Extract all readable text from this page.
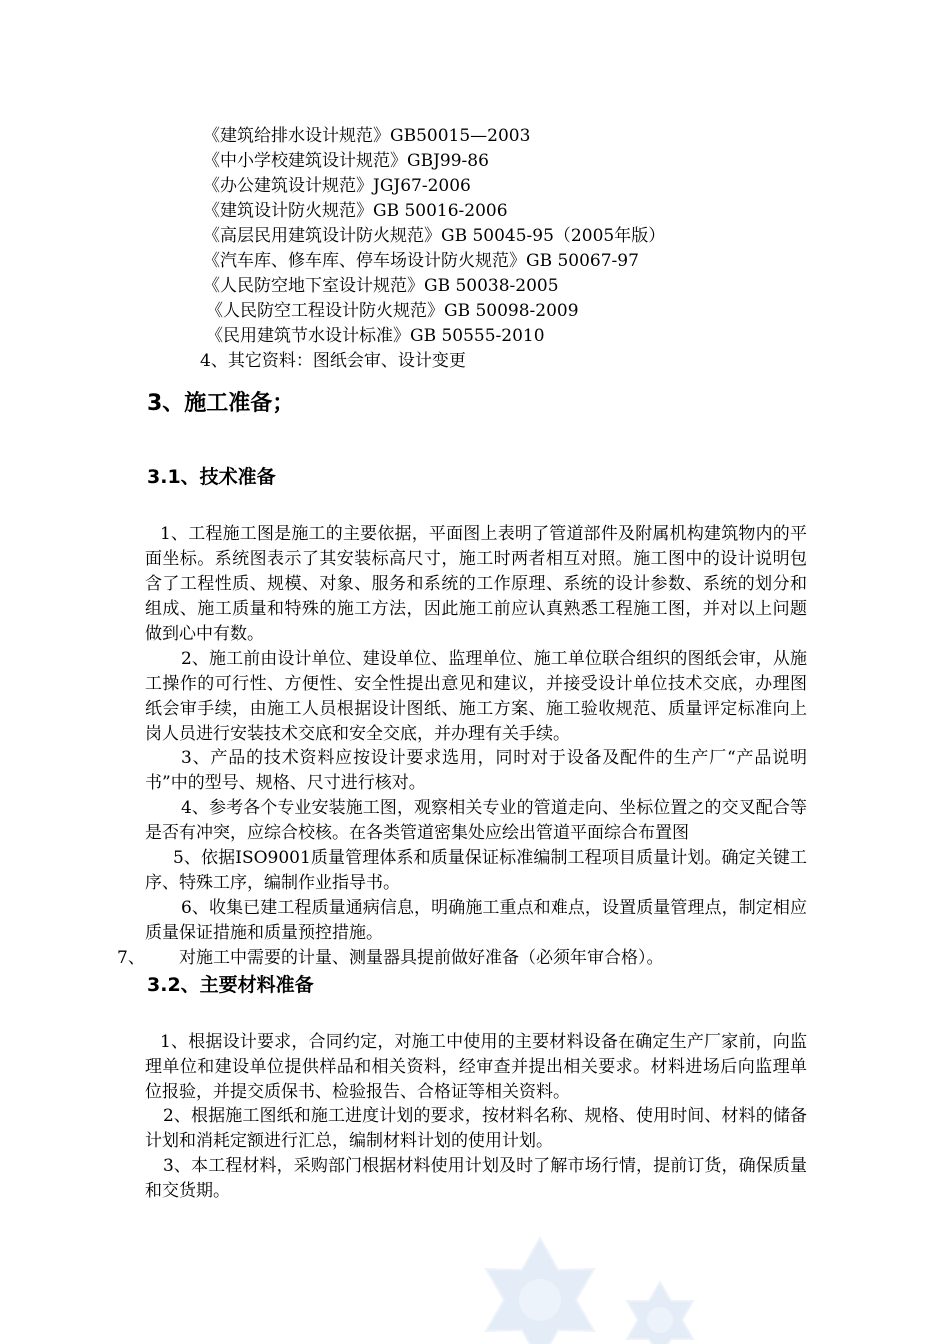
《建筑给排水设计规范》GB50015—2003
《中小学校建筑设计规范》GBJ99-86
《办公建筑设计规范》JGJ67-2006
《建筑设计防火规范》GB 50016-2006
《高层民用建筑设计防火规范》GB 50045-95（2005年版）
《汽车库、修车库、停车场设计防火规范》GB 50067-97
《人民防空地下室设计规范》GB 50038-2005
《人民防空工程设计防火规范》GB 50098-2009
《民用建筑节水设计标准》GB 50555-2010
4、其它资料：图纸会审、设计变更
3、施工准备；
3.1、技术准备
1、工程施工图是施工的主要依据，平面图上表明了管道部件及附属机构建筑物内的平面坐标。系统图表示了其安装标高尺寸，施工时两者相互对照。施工图中的设计说明包含了工程性质、规模、对象、服务和系统的工作原理、系统的设计参数、系统的划分和组成、施工质量和特殊的施工方法，因此施工前应认真熟悉工程施工图，并对以上问题做到心中有数。
2、施工前由设计单位、建设单位、监理单位、施工单位联合组织的图纸会审，从施工操作的可行性、方便性、安全性提出意见和建议，并接受设计单位技术交底，办理图纸会审手续，由施工人员根据设计图纸、施工方案、施工验收规范、质量评定标准向上岗人员进行安装技术交底和安全交底，并办理有关手续。
3、产品的技术资料应按设计要求选用，同时对于设备及配件的生产厂“产品说明书”中的型号、规格、尺寸进行核对。
4、参考各个专业安装施工图，观察相关专业的管道走向、坐标位置之的交叉配合等是否有冲突，应综合校核。在各类管道密集处应绘出管道平面综合布置图
5、依据ISO9001质量管理体系和质量保证标准编制工程项目质量计划。确定关键工序、特殊工序，编制作业指导书。
6、收集已建工程质量通病信息，明确施工重点和难点，设置质量管理点，制定相应质量保证措施和质量预控措施。
7、 对施工中需要的计量、测量器具提前做好准备（必须年审合格）。
3.2、主要材料准备
1、根据设计要求，合同约定，对施工中使用的主要材料设备在确定生产厂家前，向监理单位和建设单位提供样品和相关资料，经审查并提出相关要求。材料进场后向监理单位报验，并提交质保书、检验报告、合格证等相关资料。
2、根据施工图纸和施工进度计划的要求，按材料名称、规格、使用时间、材料的储备计划和消耗定额进行汇总，编制材料计划的使用计划。
3、本工程材料，采购部门根据材料使用计划及时了解市场行情，提前订货，确保质量和交货期。
